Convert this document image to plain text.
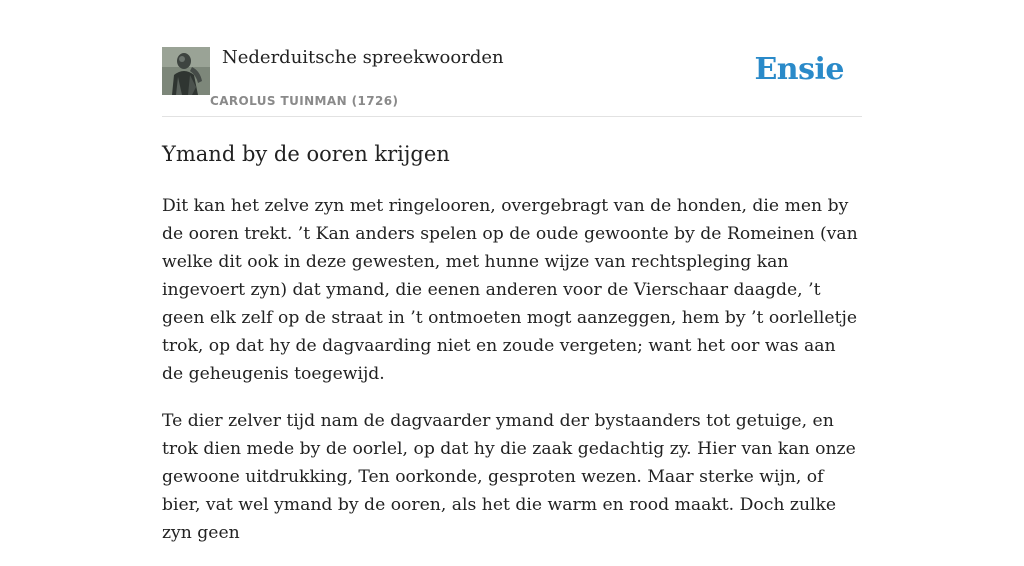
Nederduitsche spreekwoorden
CAROLUS TUINMAN (1726)
Ensie
Ymand by de ooren krijgen

Dit kan het zelve zyn met ringelooren, overgebragt van de honden, die men by de ooren trekt. ’t Kan anders spelen op de oude gewoonte by de Romeinen (van welke dit ook in deze gewesten, met hunne wijze van rechtspleging kan ingevoert zyn) dat ymand, die eenen anderen voor de Vierschaar daagde, ’t geen elk zelf op de straat in ’t ontmoeten mogt aanzeggen, hem by ’t oorlelletje trok, op dat hy de dagvaarding niet en zoude vergeten; want het oor was aan de geheugenis toegewijd.

Te dier zelver tijd nam de dagvaarder ymand der bystaanders tot getuige, en trok dien mede by de oorlel, op dat hy die zaak gedachtig zy. Hier van kan onze gewoone uitdrukking, Ten oorkonde, gesproten wezen. Maar sterke wijn, of bier, vat wel ymand by de ooren, als het die warm en rood maakt. Doch zulke zyn geen
